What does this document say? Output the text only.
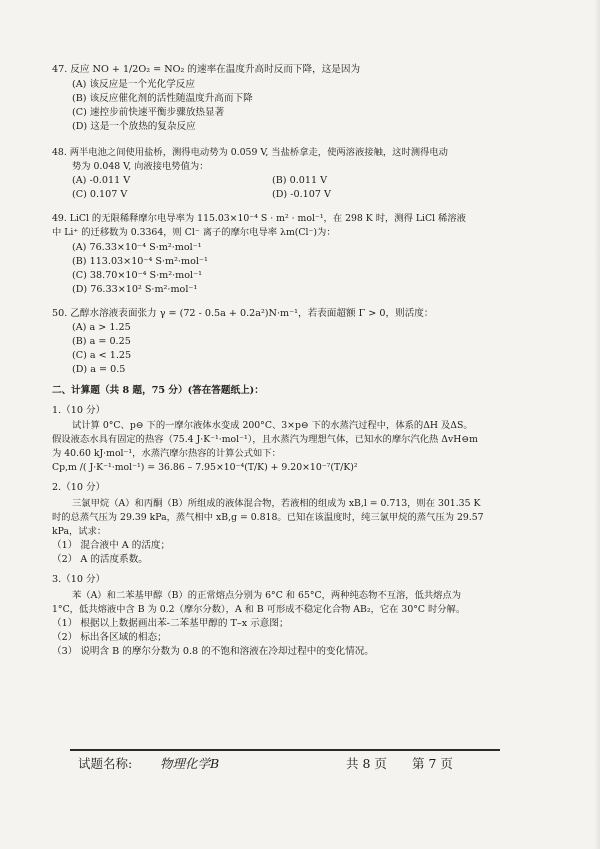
47. 反应 NO + 1/2O₂ = NO₂ 的速率在温度升高时反而下降，这是因为
(A) 该反应是一个光化学反应
(B) 该反应催化剂的活性随温度升高而下降
(C) 速控步前快速平衡步骤放热显著
(D) 这是一个放热的复杂反应
48. 两半电池之间使用盐桥，测得电动势为 0.059 V, 当盐桥拿走，使两溶液接触，这时测得电动
势为 0.048 V, 向液接电势值为：
(A) -0.011 V	(B) 0.011 V
(C) 0.107 V	(D) -0.107 V
49. LiCl 的无限稀释摩尔电导率为 115.03×10⁻⁴ S · m² · mol⁻¹，在 298 K 时，测得 LiCl 稀溶液
中 Li⁺ 的迁移数为 0.3364，则 Cl⁻ 离子的摩尔电导率 λm(Cl⁻)为：
(A) 76.33×10⁻⁴ S·m²·mol⁻¹
(B) 113.03×10⁻⁴ S·m²·mol⁻¹
(C) 38.70×10⁻⁴ S·m²·mol⁻¹
(D) 76.33×10² S·m²·mol⁻¹
50. 乙醇水溶液表面张力 γ = (72 - 0.5a + 0.2a²)N·m⁻¹，若表面超额 Γ > 0，则活度：
(A) a > 1.25
(B) a = 0.25
(C) a < 1.25
(D) a = 0.5
二、计算题（共 8 题，75 分）(答在答题纸上)：
1.（10 分）
试计算 0°C、p⊖ 下的一摩尔液体水变成 200°C、3×p⊖ 下的水蒸汽过程中，体系的ΔH 及ΔS。
假设液态水具有固定的热容（75.4 J·K⁻¹·mol⁻¹），且水蒸汽为理想气体，已知水的摩尔汽化热 ΔvH⊖m
为 40.60 kJ·mol⁻¹，水蒸汽摩尔热容的计算公式如下：
Cp,m /( J·K⁻¹·mol⁻¹) = 36.86 – 7.95×10⁻⁴(T/K) + 9.20×10⁻⁷(T/K)²
2.（10 分）
三氯甲烷（A）和丙酮（B）所组成的液体混合物，若液相的组成为 xB,l = 0.713，则在 301.35 K
时的总蒸气压为 29.39 kPa，蒸气相中 xB,g = 0.818。已知在该温度时，纯三氯甲烷的蒸气压为 29.57
kPa，试求：
（1） 混合液中 A 的活度；
（2） A 的活度系数。
3.（10 分）
苯（A）和二苯基甲醇（B）的正常熔点分别为 6°C 和 65°C，两种纯态物不互溶，低共熔点为
1°C，低共熔液中含 B 为 0.2（摩尔分数），A 和 B 可形成不稳定化合物 AB₂，它在 30°C 时分解。
（1） 根据以上数据画出苯-二苯基甲醇的 T–x 示意图；
（2） 标出各区域的相态；
（3） 说明含 B 的摩尔分数为 0.8 的不饱和溶液在冷却过程中的变化情况。
试题名称: 物理化学B	共 8 页 第 7 页
